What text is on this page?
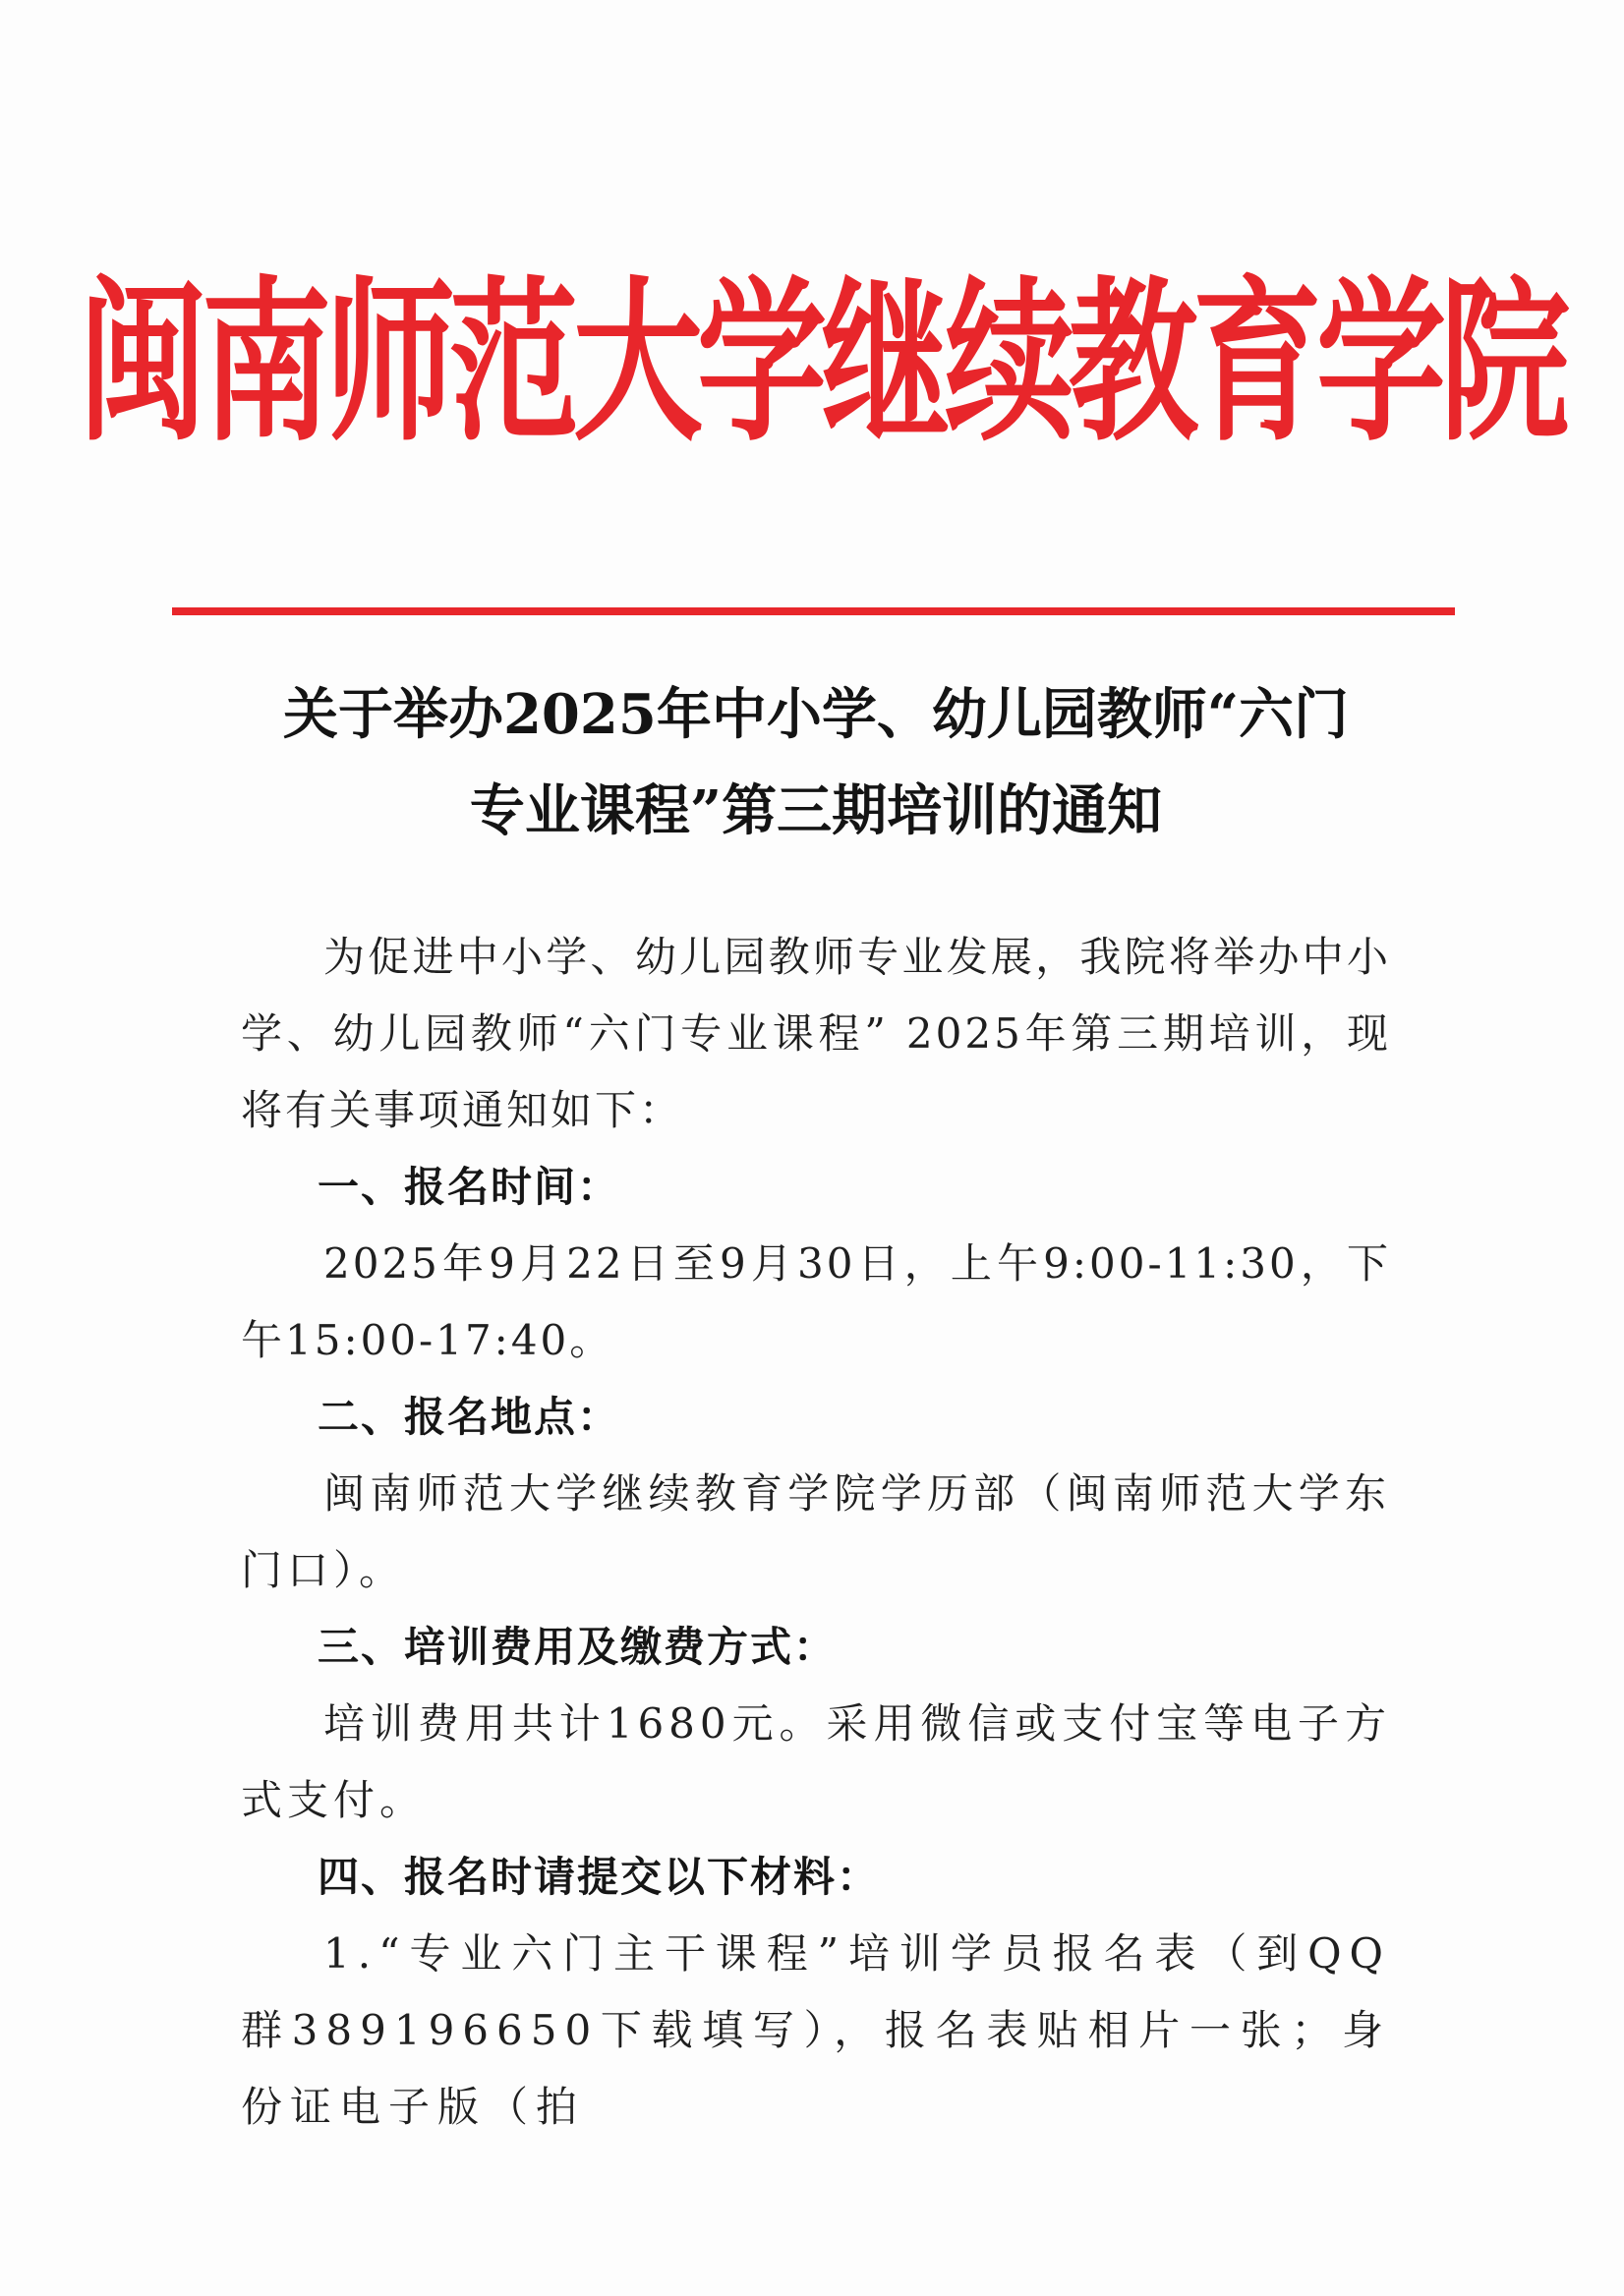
闽南师范大学继续教育学院
关于举办2025年中小学、幼儿园教师“六门
专业课程”第三期培训的通知

为促进中小学、幼儿园教师专业发展，我院将举办中小学、幼儿园教师“六门专业课程” 2025年第三期培训，现将有关事项通知如下：

一、报名时间：

2025年9月22日至9月30日，上午9:00-11:30，下午15:00-17:40。

二、报名地点：

闽南师范大学继续教育学院学历部（闽南师范大学东门口）。

三、培训费用及缴费方式：

培训费用共计1680元。采用微信或支付宝等电子方式支付。

四、报名时请提交以下材料：

1.“专业六门主干课程”培训学员报名表（到QQ群389196650下载填写），报名表贴相片一张；身份证电子版（拍
